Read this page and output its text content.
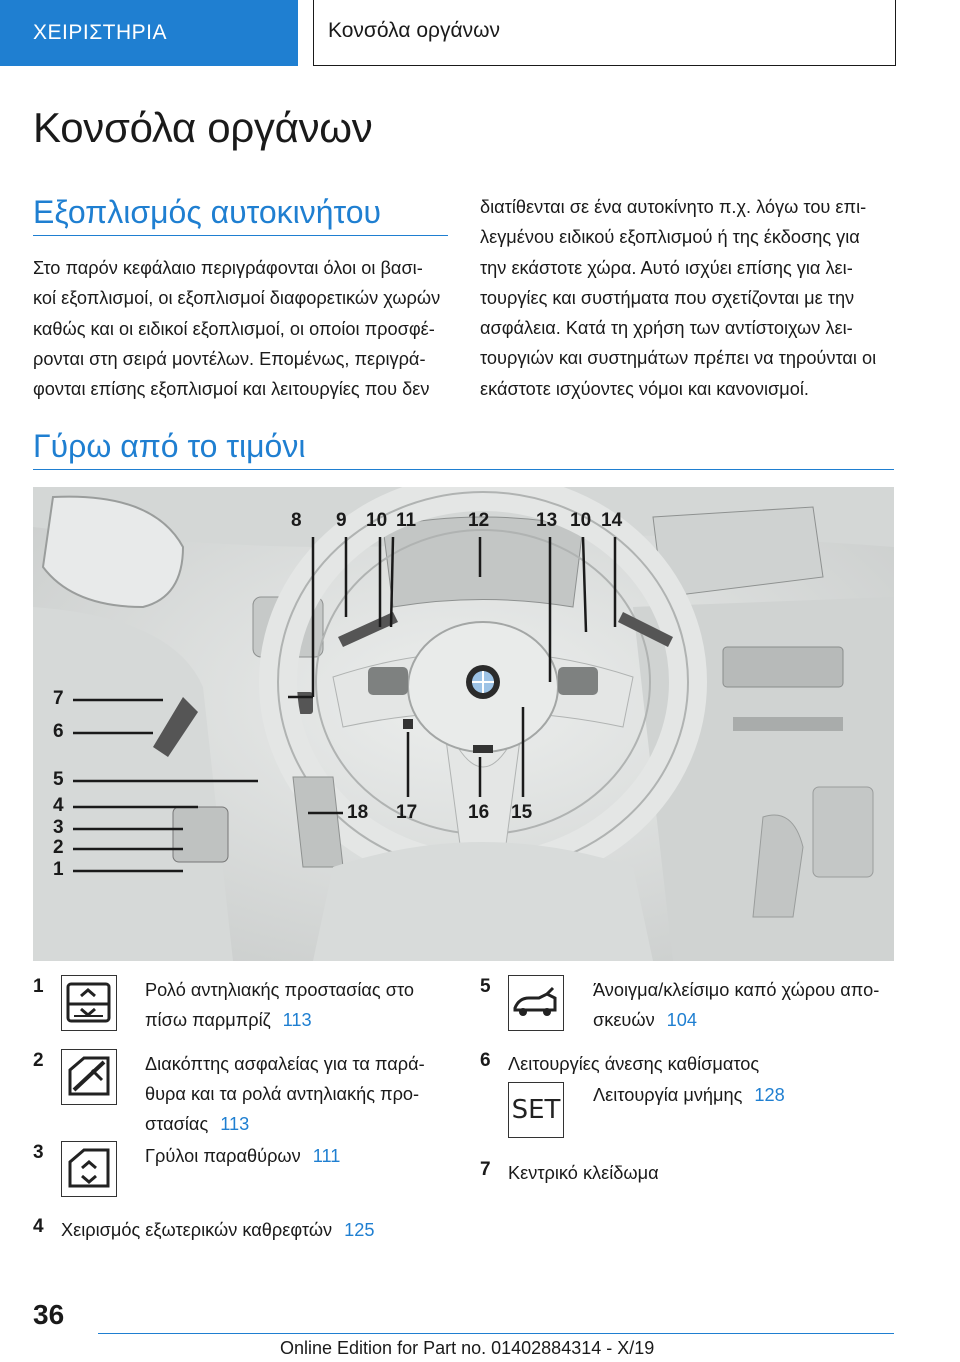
ΧΕΙΡΙΣΤΗΡΙΑ	Κονσόλα οργάνων
Κονσόλα οργάνων
Εξοπλισμός αυτοκινήτου
Στο παρόν κεφάλαιο περιγράφονται όλοι οι βασι-
κοί εξοπλισμοί, οι εξοπλισμοί διαφορετικών χωρών
καθώς και οι ειδικοί εξοπλισμοί, οι οποίοι προσφέ-
ρονται στη σειρά μοντέλων. Επομένως, περιγρά-
φονται επίσης εξοπλισμοί και λειτουργίες που δεν
διατίθενται σε ένα αυτοκίνητο π.χ. λόγω του επι-
λεγμένου ειδικού εξοπλισμού ή της έκδοσης για
την εκάστοτε χώρα. Αυτό ισχύει επίσης για λει-
τουργίες και συστήματα που σχετίζονται με την
ασφάλεια. Κατά τη χρήση των αντίστοιχων λει-
τουργιών και συστημάτων πρέπει να τηρούνται οι
εκάστοτε ισχύοντες νόμοι και κανονισμοί.
Γύρω από το τιμόνι
8 9 10 11	12 13 10 14
7
6
5
4
3
2
1
18 17	16 15
1	Ρολό αντηλιακής προστασίας στο
πίσω παρμπρίζ 113
2	Διακόπτης ασφαλείας για τα παρά-
θυρα και τα ρολά αντηλιακής προ-
στασίας 113
3	Γρύλοι παραθύρων 111
4 Χειρισμός εξωτερικών καθρεφτών 125
5	Άνοιγμα/κλείσιμο καπό χώρου απο-
σκευών 104
6 Λειτουργίες άνεσης καθίσματος
SET Λειτουργία μνήμης 128
7 Κεντρικό κλείδωμα
36
Online Edition for Part no. 01402884314 - X/19
